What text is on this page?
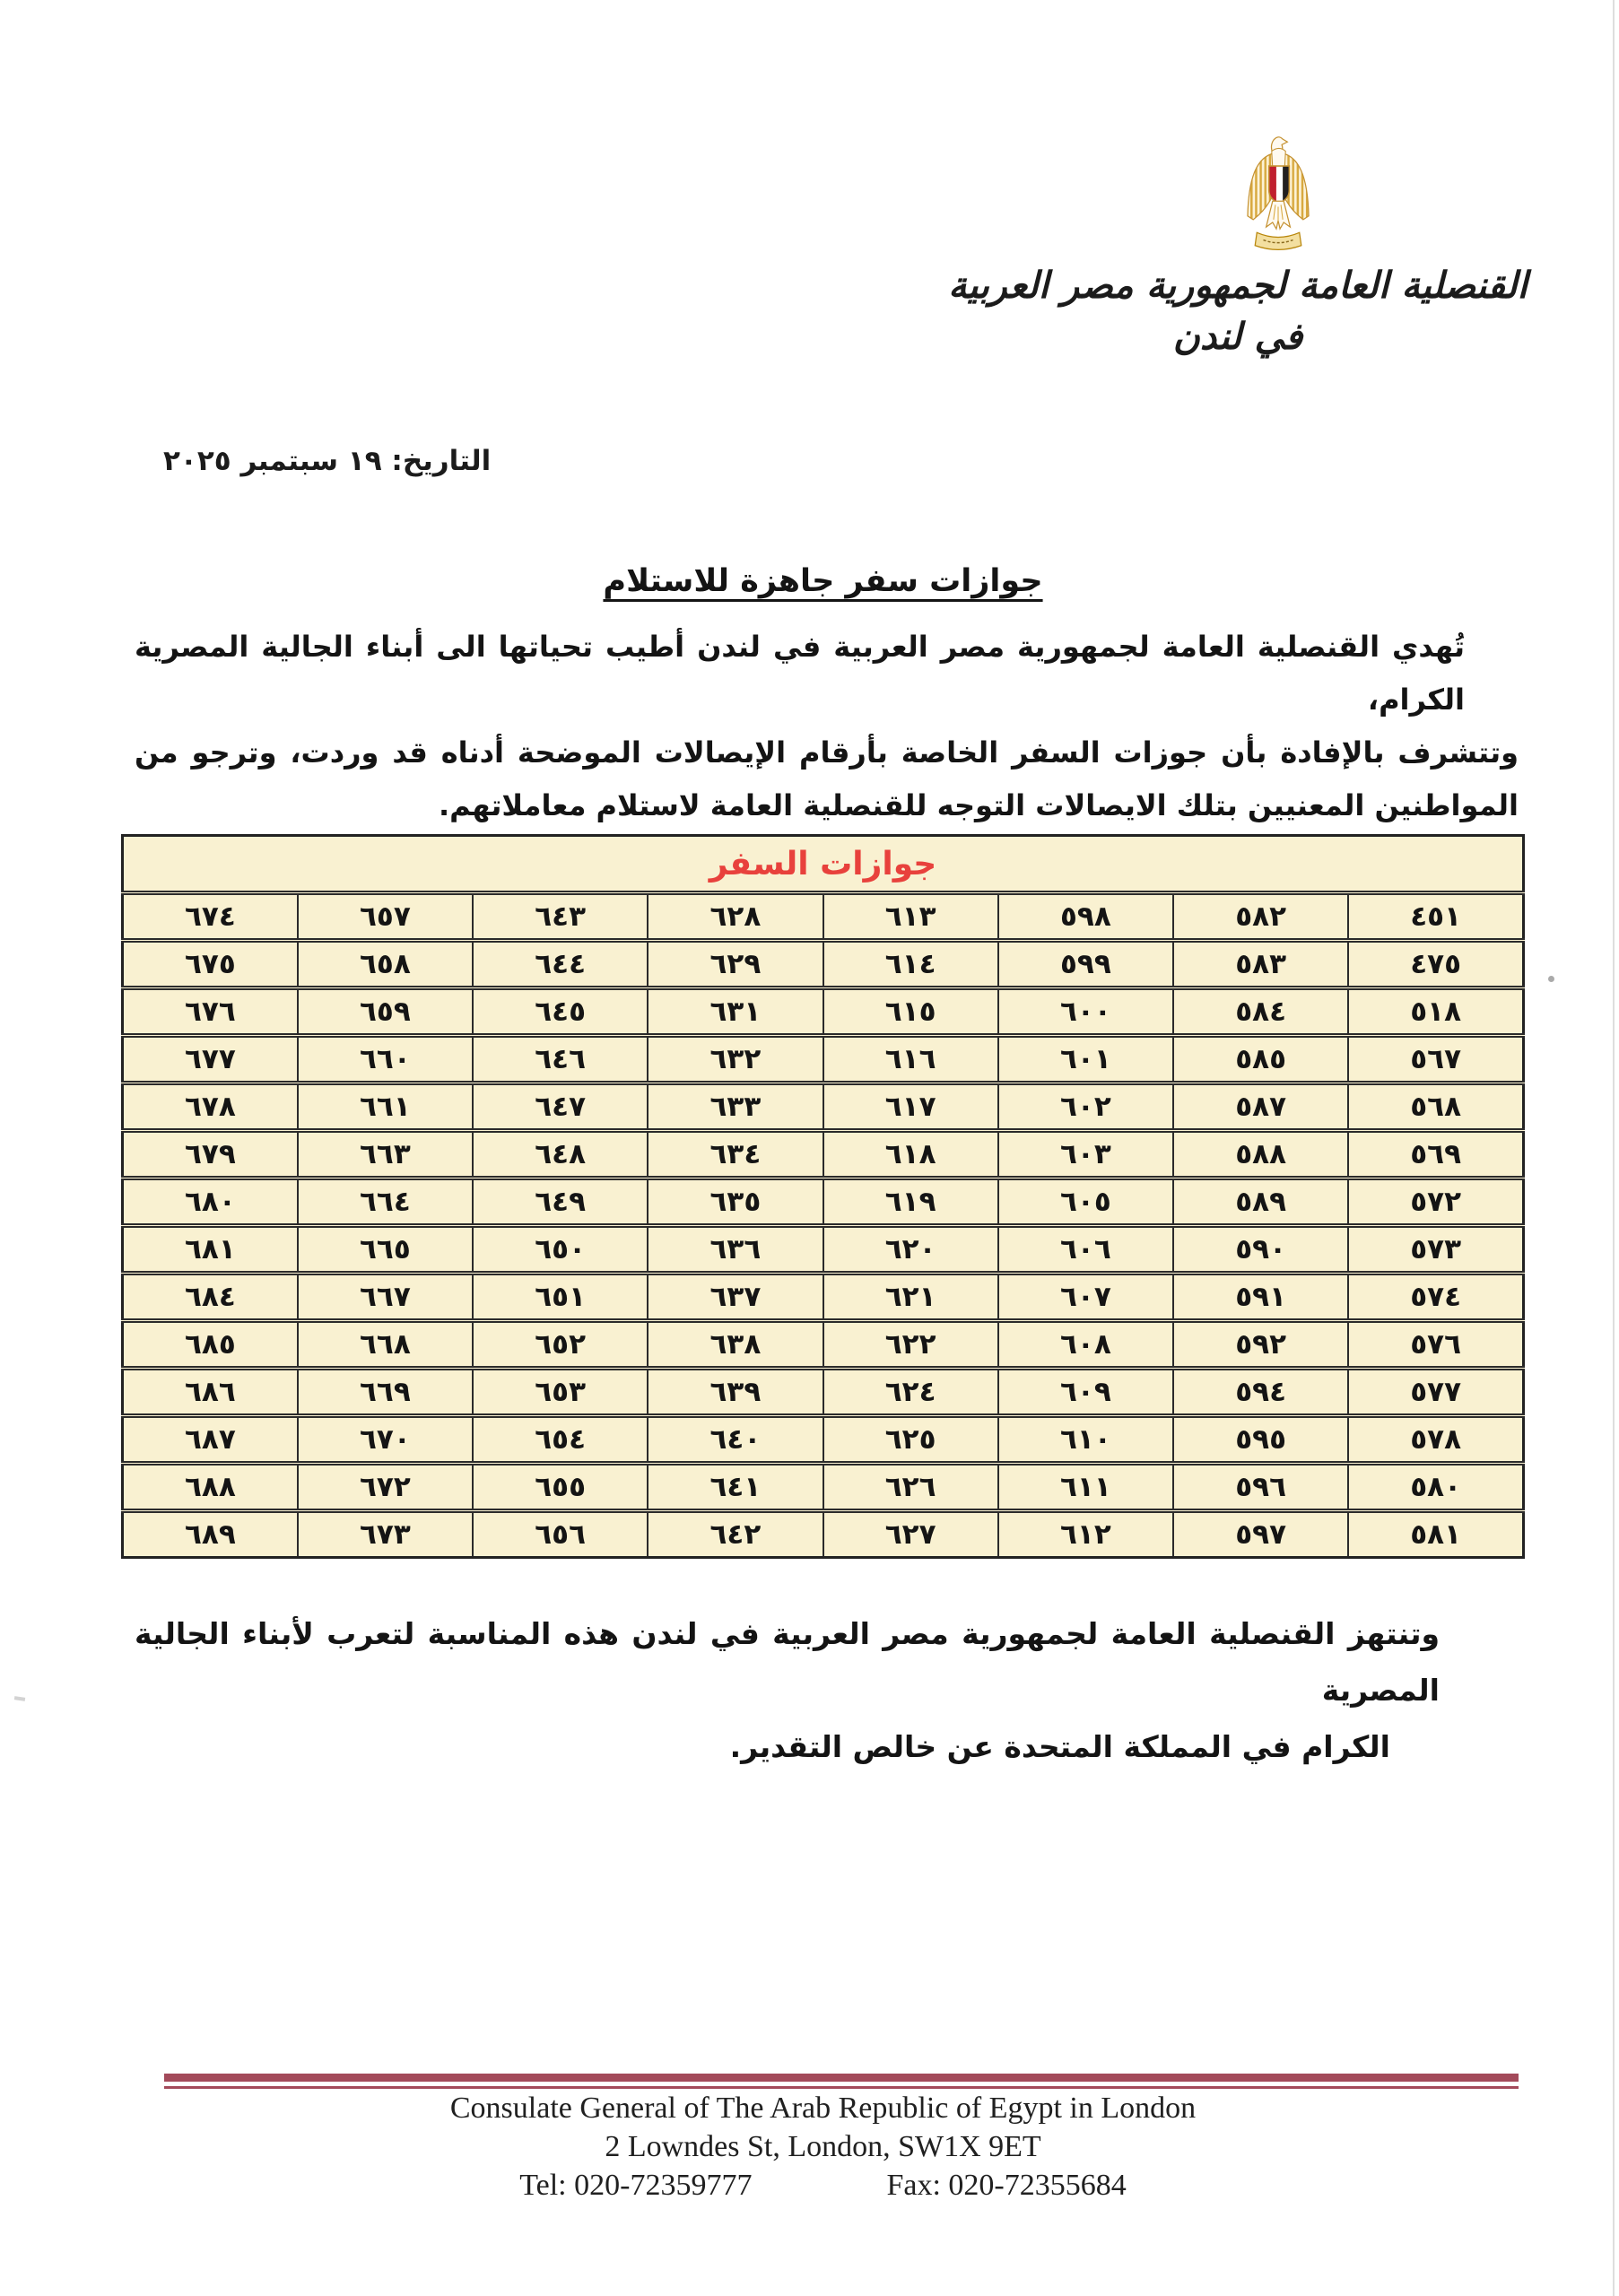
القنصلية العامة لجمهورية مصر العربية
في لندن
التاريخ: ١٩ سبتمبر ٢٠٢٥
جوازات سفر جاهزة للاستلام
تُهدي القنصلية العامة لجمهورية مصر العربية في لندن أطيب تحياتها الى أبناء الجالية المصرية الكرام،
وتتشرف بالإفادة بأن جوزات السفر الخاصة بأرقام الإيصالات الموضحة أدناه قد وردت، وترجو من
المواطنين المعنيين بتلك الايصالات التوجه للقنصلية العامة لاستلام معاملاتهم.
جوازات السفر							
٦٧٤	٦٥٧	٦٤٣	٦٢٨	٦١٣	٥٩٨	٥٨٢	٤٥١
٦٧٥	٦٥٨	٦٤٤	٦٢٩	٦١٤	٥٩٩	٥٨٣	٤٧٥
٦٧٦	٦٥٩	٦٤٥	٦٣١	٦١٥	٦٠٠	٥٨٤	٥١٨
٦٧٧	٦٦٠	٦٤٦	٦٣٢	٦١٦	٦٠١	٥٨٥	٥٦٧
٦٧٨	٦٦١	٦٤٧	٦٣٣	٦١٧	٦٠٢	٥٨٧	٥٦٨
٦٧٩	٦٦٣	٦٤٨	٦٣٤	٦١٨	٦٠٣	٥٨٨	٥٦٩
٦٨٠	٦٦٤	٦٤٩	٦٣٥	٦١٩	٦٠٥	٥٨٩	٥٧٢
٦٨١	٦٦٥	٦٥٠	٦٣٦	٦٢٠	٦٠٦	٥٩٠	٥٧٣
٦٨٤	٦٦٧	٦٥١	٦٣٧	٦٢١	٦٠٧	٥٩١	٥٧٤
٦٨٥	٦٦٨	٦٥٢	٦٣٨	٦٢٢	٦٠٨	٥٩٢	٥٧٦
٦٨٦	٦٦٩	٦٥٣	٦٣٩	٦٢٤	٦٠٩	٥٩٤	٥٧٧
٦٨٧	٦٧٠	٦٥٤	٦٤٠	٦٢٥	٦١٠	٥٩٥	٥٧٨
٦٨٨	٦٧٢	٦٥٥	٦٤١	٦٢٦	٦١١	٥٩٦	٥٨٠
٦٨٩	٦٧٣	٦٥٦	٦٤٢	٦٢٧	٦١٢	٥٩٧	٥٨١
وتنتهز القنصلية العامة لجمهورية مصر العربية في لندن هذه المناسبة لتعرب لأبناء الجالية المصرية
الكرام في المملكة المتحدة عن خالص التقدير.
Consulate General of The Arab Republic of Egypt in London
2 Lowndes St, London, SW1X 9ET
Tel: 020-72359777	Fax: 020-72355684
